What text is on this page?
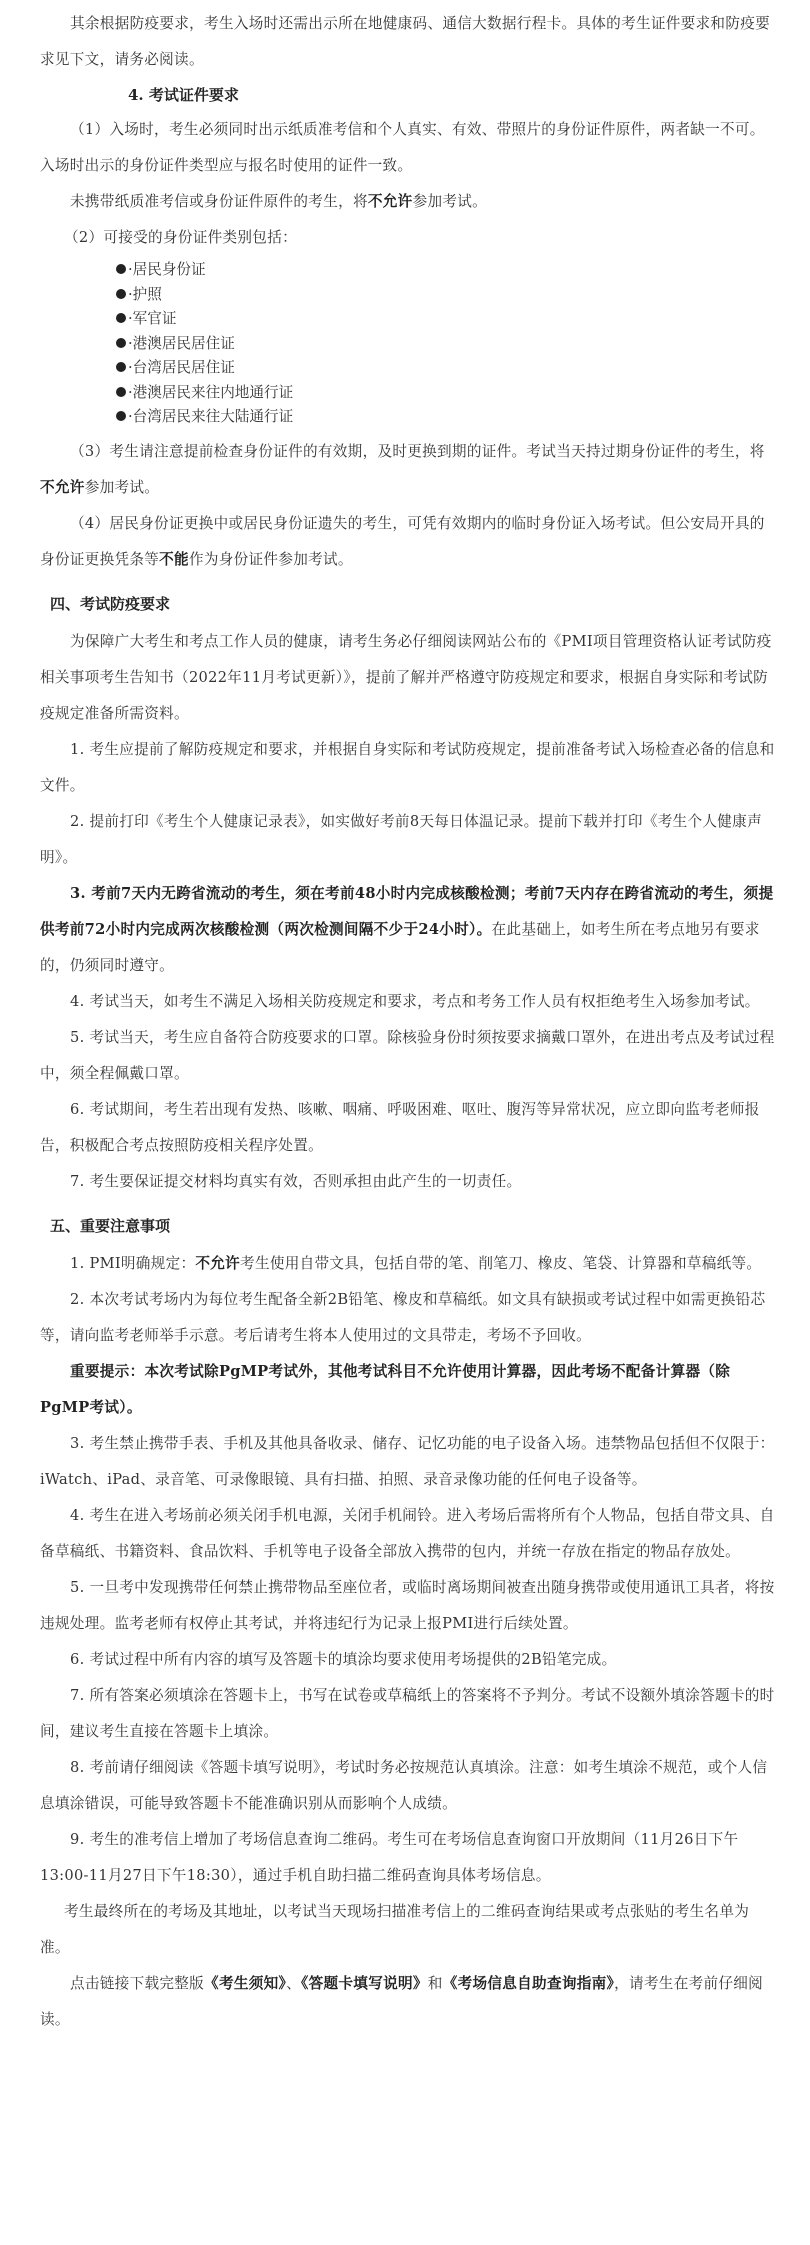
其余根据防疫要求，考生入场时还需出示所在地健康码、通信大数据行程卡。具体的考生证件要求和防疫要求见下文，请务必阅读。

4. 考试证件要求

（1）入场时，考生必须同时出示纸质准考信和个人真实、有效、带照片的身份证件原件，两者缺一不可。入场时出示的身份证件类型应与报名时使用的证件一致。

未携带纸质准考信或身份证件原件的考生，将不允许参加考试。

（2）可接受的身份证件类别包括：

·居民身份证
·护照
·军官证
·港澳居民居住证
·台湾居民居住证
·港澳居民来往内地通行证
·台湾居民来往大陆通行证

（3）考生请注意提前检查身份证件的有效期，及时更换到期的证件。考试当天持过期身份证件的考生，将不允许参加考试。

（4）居民身份证更换中或居民身份证遗失的考生，可凭有效期内的临时身份证入场考试。但公安局开具的身份证更换凭条等不能作为身份证件参加考试。

四、考试防疫要求

为保障广大考生和考点工作人员的健康，请考生务必仔细阅读网站公布的《PMI项目管理资格认证考试防疫相关事项考生告知书（2022年11月考试更新）》，提前了解并严格遵守防疫规定和要求，根据自身实际和考试防疫规定准备所需资料。

1. 考生应提前了解防疫规定和要求，并根据自身实际和考试防疫规定，提前准备考试入场检查必备的信息和文件。

2. 提前打印《考生个人健康记录表》，如实做好考前8天每日体温记录。提前下载并打印《考生个人健康声明》。

3. 考前7天内无跨省流动的考生，须在考前48小时内完成核酸检测；考前7天内存在跨省流动的考生，须提供考前72小时内完成两次核酸检测（两次检测间隔不少于24小时）。在此基础上，如考生所在考点地另有要求的，仍须同时遵守。

4. 考试当天，如考生不满足入场相关防疫规定和要求，考点和考务工作人员有权拒绝考生入场参加考试。

5. 考试当天，考生应自备符合防疫要求的口罩。除核验身份时须按要求摘戴口罩外，在进出考点及考试过程中，须全程佩戴口罩。

6. 考试期间，考生若出现有发热、咳嗽、咽痛、呼吸困难、呕吐、腹泻等异常状况，应立即向监考老师报告，积极配合考点按照防疫相关程序处置。

7. 考生要保证提交材料均真实有效，否则承担由此产生的一切责任。

五、重要注意事项

1. PMI明确规定：不允许考生使用自带文具，包括自带的笔、削笔刀、橡皮、笔袋、计算器和草稿纸等。

2. 本次考试考场内为每位考生配备全新2B铅笔、橡皮和草稿纸。如文具有缺损或考试过程中如需更换铅芯等，请向监考老师举手示意。考后请考生将本人使用过的文具带走，考场不予回收。

重要提示：本次考试除PgMP考试外，其他考试科目不允许使用计算器，因此考场不配备计算器（除PgMP考试）。

3. 考生禁止携带手表、手机及其他具备收录、储存、记忆功能的电子设备入场。违禁物品包括但不仅限于：iWatch、iPad、录音笔、可录像眼镜、具有扫描、拍照、录音录像功能的任何电子设备等。

4. 考生在进入考场前必须关闭手机电源，关闭手机闹铃。进入考场后需将所有个人物品，包括自带文具、自备草稿纸、书籍资料、食品饮料、手机等电子设备全部放入携带的包内，并统一存放在指定的物品存放处。

5. 一旦考中发现携带任何禁止携带物品至座位者，或临时离场期间被查出随身携带或使用通讯工具者，将按违规处理。监考老师有权停止其考试，并将违纪行为记录上报PMI进行后续处置。

6. 考试过程中所有内容的填写及答题卡的填涂均要求使用考场提供的2B铅笔完成。

7. 所有答案必须填涂在答题卡上，书写在试卷或草稿纸上的答案将不予判分。考试不设额外填涂答题卡的时间，建议考生直接在答题卡上填涂。

8. 考前请仔细阅读《答题卡填写说明》，考试时务必按规范认真填涂。注意：如考生填涂不规范，或个人信息填涂错误，可能导致答题卡不能准确识别从而影响个人成绩。

9. 考生的准考信上增加了考场信息查询二维码。考生可在考场信息查询窗口开放期间（11月26日下午13:00-11月27日下午18:30），通过手机自助扫描二维码查询具体考场信息。

考生最终所在的考场及其地址，以考试当天现场扫描准考信上的二维码查询结果或考点张贴的考生名单为准。

点击链接下载完整版《考生须知》、《答题卡填写说明》和《考场信息自助查询指南》，请考生在考前仔细阅读。
